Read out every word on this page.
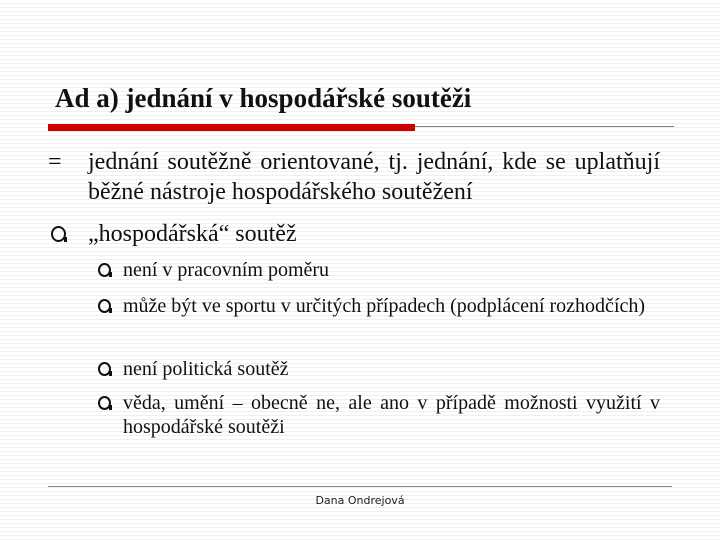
Ad a) jednání v hospodářské soutěži
=	jednání soutěžně orientované, tj. jednání, kde se uplatňují běžné nástroje hospodářského soutěžení
„hospodářská“ soutěž
není v pracovním poměru
může být ve sportu v určitých případech (podplácení rozhodčích)
není politická soutěž
věda, umění – obecně ne, ale ano v případě možnosti využití v hospodářské soutěži
Dana Ondrejová
